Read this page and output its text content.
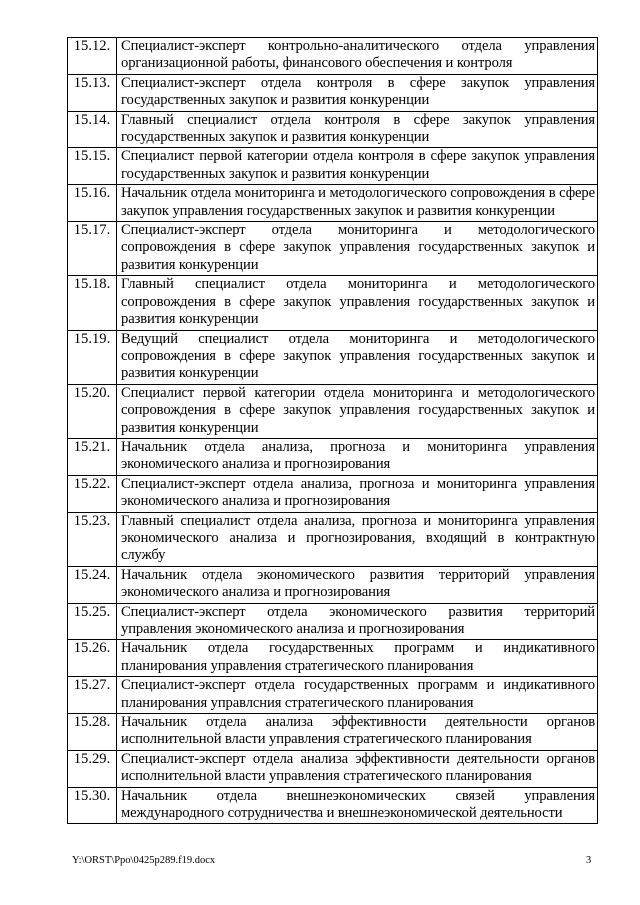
15.12.	Специалист-эксперт контрольно-аналитического отдела управления организационной работы, финансового обеспечения и контроля
15.13.	Специалист-эксперт отдела контроля в сфере закупок управления государственных закупок и развития конкуренции
15.14.	Главный специалист отдела контроля в сфере закупок управления государственных закупок и развития конкуренции
15.15.	Специалист первой категории отдела контроля в сфере закупок управления государственных закупок и развития конкуренции
15.16.	Начальник отдела мониторинга и методологического сопровождения в сфере закупок управления государственных закупок и развития конкуренции
15.17.	Специалист-эксперт отдела мониторинга и методологического сопровождения в сфере закупок управления государственных закупок и развития конкуренции
15.18.	Главный специалист отдела мониторинга и методологического сопровождения в сфере закупок управления государственных закупок и развития конкуренции
15.19.	Ведущий специалист отдела мониторинга и методологического сопровождения в сфере закупок управления государственных закупок и развития конкуренции
15.20.	Специалист первой категории отдела мониторинга и методологического сопровождения в сфере закупок управления государственных закупок и развития конкуренции
15.21.	Начальник отдела анализа, прогноза и мониторинга управления экономического анализа и прогнозирования
15.22.	Специалист-эксперт отдела анализа, прогноза и мониторинга управления экономического анализа и прогнозирования
15.23.	Главный специалист отдела анализа, прогноза и мониторинга управления экономического анализа и прогнозирования, входящий в контрактную службу
15.24.	Начальник отдела экономического развития территорий управления экономического анализа и прогнозирования
15.25.	Специалист-эксперт отдела экономического развития территорий управления экономического анализа и прогнозирования
15.26.	Начальник отдела государственных программ и индикативного планирования управления стратегического планирования
15.27.	Специалист-эксперт отдела государственных программ и индикативного планирования управлсния стратегического планирования
15.28.	Начальник отдела анализа эффективности деятельности органов исполнительной власти управления стратегического планирования
15.29.	Специалист-эксперт отдела анализа эффективности деятельности органов исполнительной власти управления стратегического планирования
15.30.	Начальник отдела внешнеэкономических связей управления международного сотрудничества и внешнеэкономической деятельности
Y:\ORST\Ppo\0425p289.f19.docx	3
